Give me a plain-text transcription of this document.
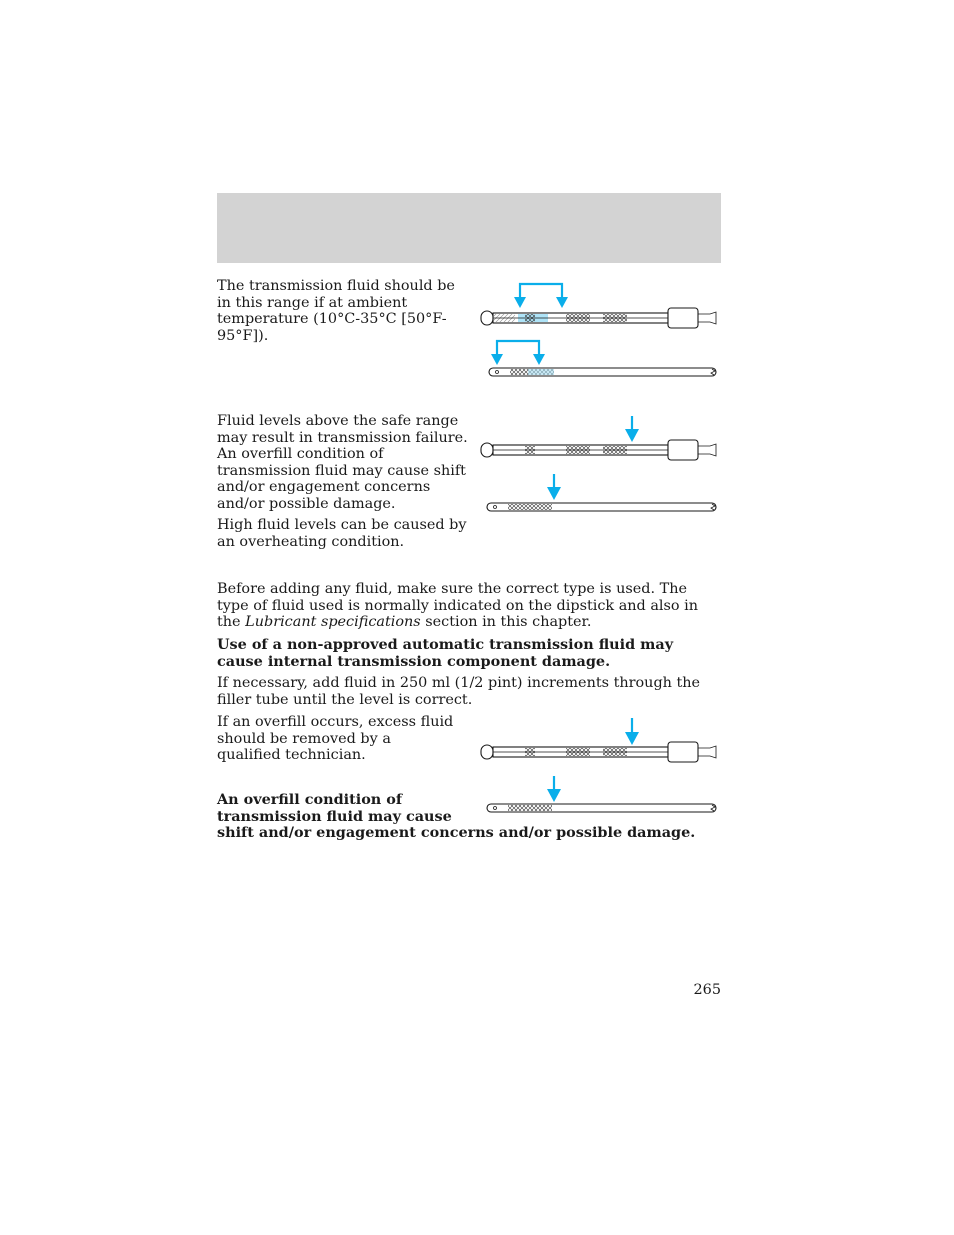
The transmission fluid should be in this range if at ambient temperature (10°C-35°C [50°F-95°F]).

Fluid levels above the safe range may result in transmission failure. An overfill condition of transmission fluid may cause shift and/or engagement concerns and/or possible damage.

High fluid levels can be caused by an overheating condition.

Before adding any fluid, make sure the correct type is used. The type of fluid used is normally indicated on the dipstick and also in the Lubricant specifications section in this chapter.

Use of a non-approved automatic transmission fluid may cause internal transmission component damage.

If necessary, add fluid in 250 ml (1/2 pint) increments through the filler tube until the level is correct.

If an overfill occurs, excess fluid should be removed by a qualified technician.

An overfill condition of
transmission fluid may cause
shift and/or engagement concerns and/or possible damage.

265
